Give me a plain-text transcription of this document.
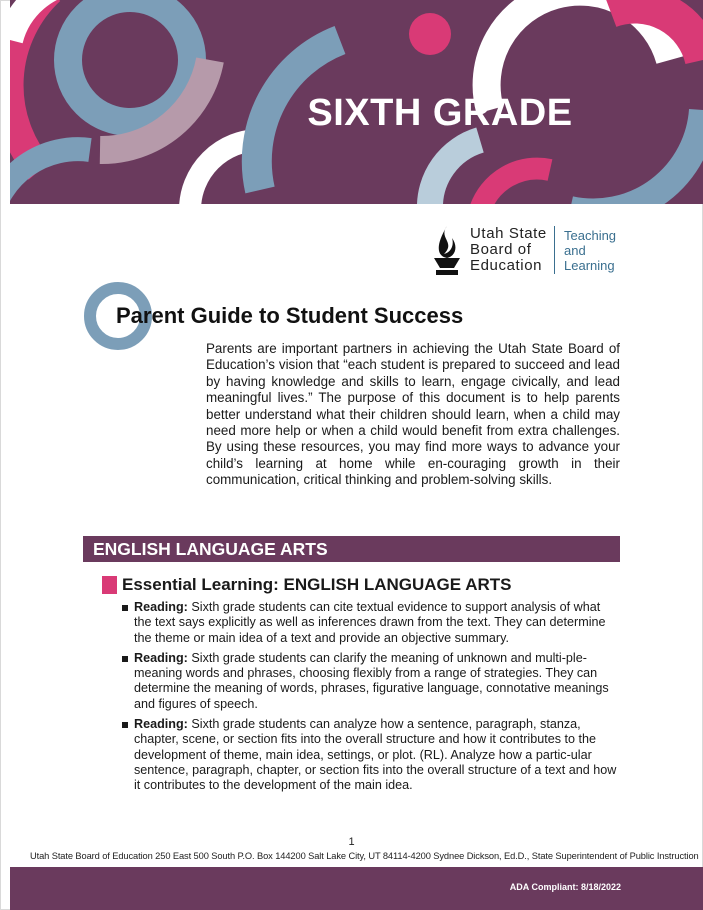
SIXTH GRADE
Utah State
Board of
Education
Teaching
and
Learning
Parent Guide to Student Success
Parents are important partners in achieving the Utah State Board of Education’s vision that “each student is prepared to succeed and lead by having knowledge and skills to learn, engage civically, and lead meaningful lives.” The purpose of this document is to help parents better understand what their children should learn, when a child may need more help or when a child would benefit from extra challenges. By using these resources, you may find more ways to advance your child’s learning at home while en-couraging growth in their communication, critical thinking and problem-solving skills.
ENGLISH LANGUAGE ARTS
Essential Learning: ENGLISH LANGUAGE ARTS
Reading: Sixth grade students can cite textual evidence to support analysis of what the text says explicitly as well as inferences drawn from the text. They can determine the theme or main idea of a text and provide an objective summary.
Reading: Sixth grade students can clarify the meaning of unknown and multi-ple-meaning words and phrases, choosing flexibly from a range of strategies. They can determine the meaning of words, phrases, figurative language, connotative meanings and figures of speech.
Reading: Sixth grade students can analyze how a sentence, paragraph, stanza, chapter, scene, or section fits into the overall structure and how it contributes to the development of theme, main idea, settings, or plot. (RL). Analyze how a partic-ular sentence, paragraph, chapter, or section fits into the overall structure of a text and how it contributes to the development of the main idea.
1
Utah State Board of Education 250 East 500 South P.O. Box 144200 Salt Lake City, UT 84114-4200 Sydnee Dickson, Ed.D., State Superintendent of Public Instruction
ADA Compliant: 8/18/2022
